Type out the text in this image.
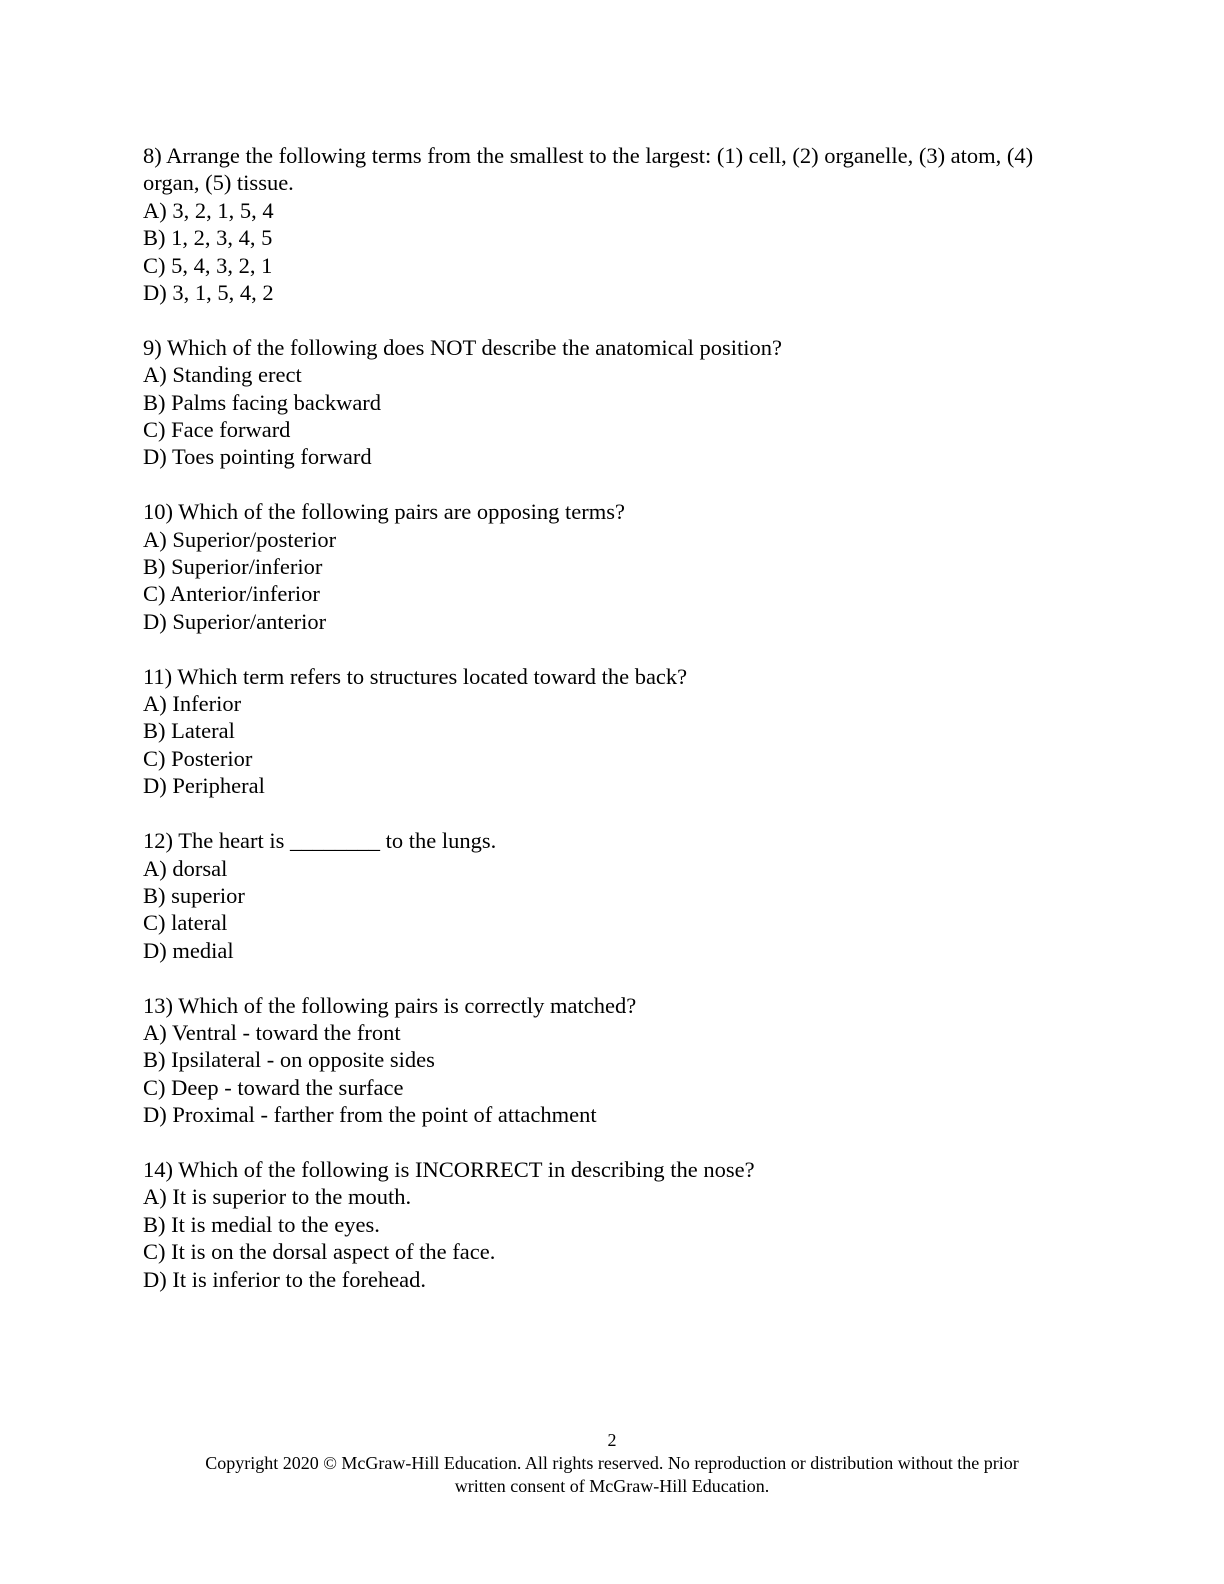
8) Arrange the following terms from the smallest to the largest: (1) cell, (2) organelle, (3) atom, (4) organ, (5) tissue.
A) 3, 2, 1, 5, 4
B) 1, 2, 3, 4, 5
C) 5, 4, 3, 2, 1
D) 3, 1, 5, 4, 2
9) Which of the following does NOT describe the anatomical position?
A) Standing erect
B) Palms facing backward
C) Face forward
D) Toes pointing forward
10) Which of the following pairs are opposing terms?
A) Superior/posterior
B) Superior/inferior
C) Anterior/inferior
D) Superior/anterior
11) Which term refers to structures located toward the back?
A) Inferior
B) Lateral
C) Posterior
D) Peripheral
12) The heart is ________ to the lungs.
A) dorsal
B) superior
C) lateral
D) medial
13) Which of the following pairs is correctly matched?
A) Ventral - toward the front
B) Ipsilateral - on opposite sides
C) Deep - toward the surface
D) Proximal - farther from the point of attachment
14) Which of the following is INCORRECT in describing the nose?
A) It is superior to the mouth.
B) It is medial to the eyes.
C) It is on the dorsal aspect of the face.
D) It is inferior to the forehead.
2
Copyright 2020 © McGraw-Hill Education. All rights reserved. No reproduction or distribution without the prior
written consent of McGraw-Hill Education.
